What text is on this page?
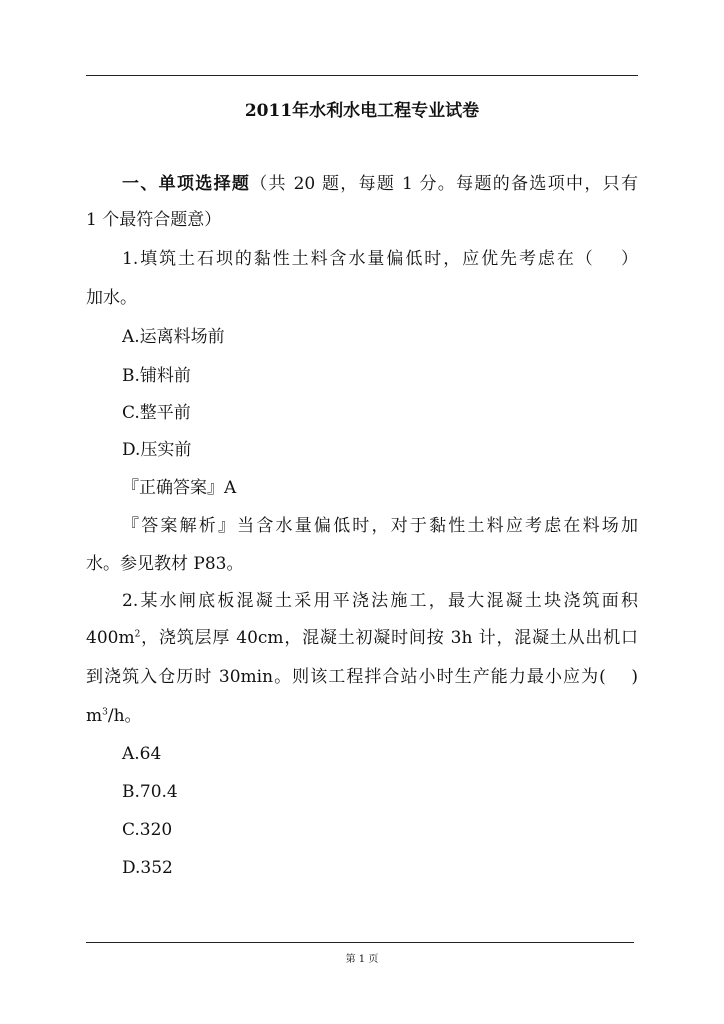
2011年水利水电工程专业试卷
一、单项选择题（共 20 题，每题 1 分。每题的备选项中，只有
1 个最符合题意）
1.填筑土石坝的黏性土料含水量偏低时，应优先考虑在（　 ）
加水。
A.运离料场前
B.铺料前
C.整平前
D.压实前
『正确答案』A
『答案解析』当含水量偏低时，对于黏性土料应考虑在料场加
水。参见教材 P83。
2.某水闸底板混凝土采用平浇法施工，最大混凝土块浇筑面积
$400m^2$，浇筑层厚 40cm，混凝土初凝时间按 3h 计，混凝土从出机口
到浇筑入仓历时 30min。则该工程拌合站小时生产能力最小应为(　 )
$m^3/h$。
A.64
B.70.4
C.320
D.352
第 1 页
